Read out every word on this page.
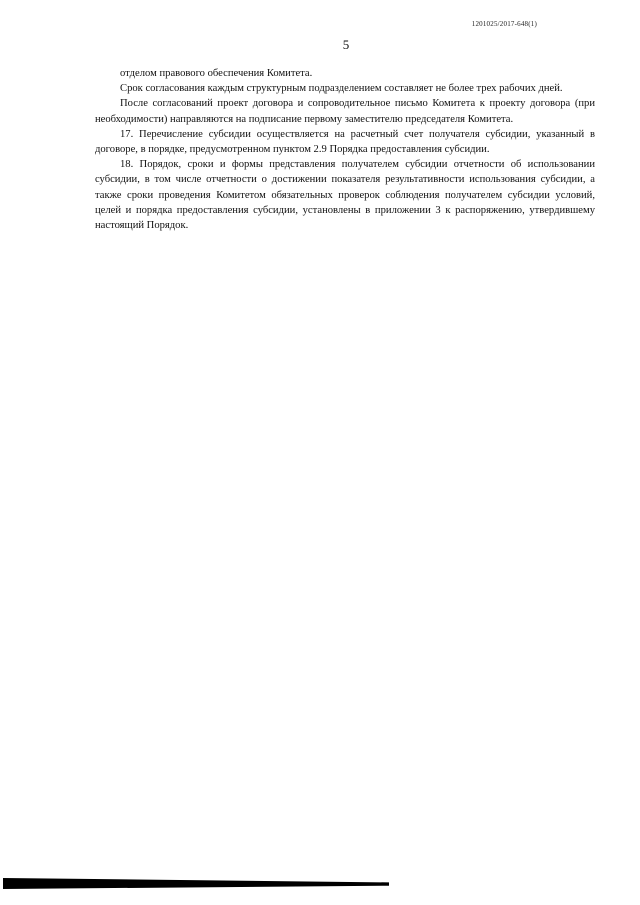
1201025/2017-648(1)
5

отделом правового обеспечения Комитета.

Срок согласования каждым структурным подразделением составляет не более трех рабочих дней.

После согласований проект договора и сопроводительное письмо Комитета к проекту договора (при необходимости) направляются на подписание первому заместителю председателя Комитета.

17. Перечисление субсидии осуществляется на расчетный счет получателя субсидии, указанный в договоре, в порядке, предусмотренном пунктом 2.9 Порядка предоставления субсидии.

18. Порядок, сроки и формы представления получателем субсидии отчетности об использовании субсидии, в том числе отчетности о достижении показателя результативности использования субсидии, а также сроки проведения Комитетом обязательных проверок соблюдения получателем субсидии условий, целей и порядка предоставления субсидии, установлены в приложении 3 к распоряжению, утвердившему настоящий Порядок.
